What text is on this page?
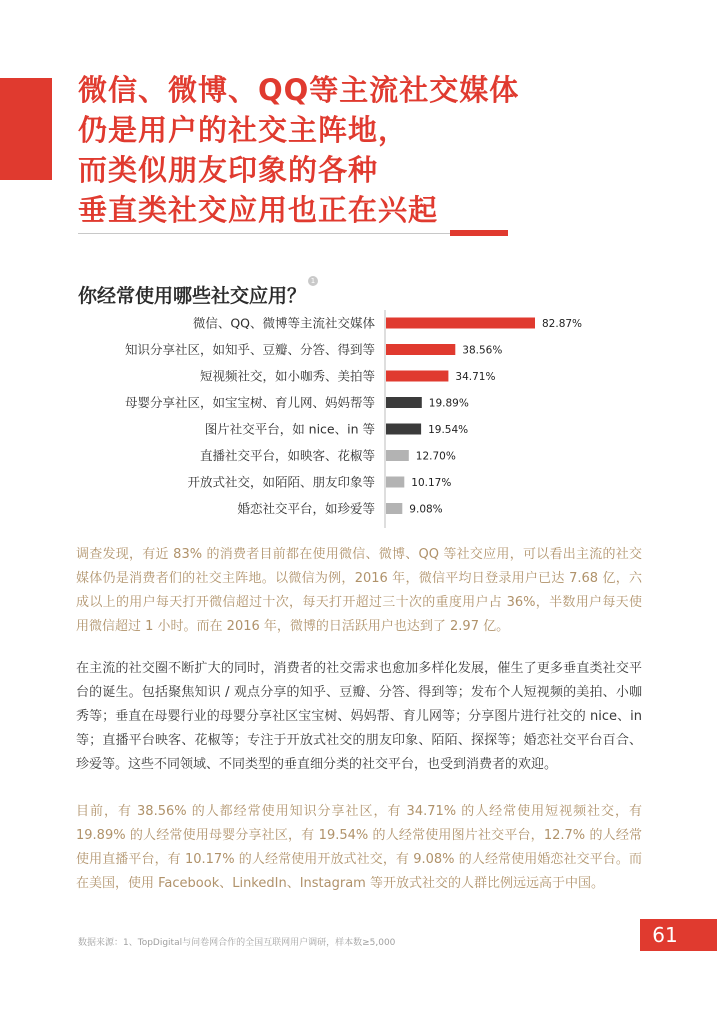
微信、微博、QQ等主流社交媒体
仍是用户的社交主阵地，
而类似朋友印象的各种
垂直类社交应用也正在兴起
你经常使用哪些社交应用？
1
微信、QQ、微博等主流社交媒体	82.87%
知识分享社区，如知乎、豆瓣、分答、得到等	38.56%
短视频社交，如小咖秀、美拍等	34.71%
母婴分享社区，如宝宝树、育儿网、妈妈帮等	19.89%
图片社交平台，如 nice、in 等	19.54%
直播社交平台，如映客、花椒等	12.70%
开放式社交，如陌陌、朋友印象等	10.17%
婚恋社交平台，如珍爱等	9.08%

调查发现，有近 83% 的消费者目前都在使用微信、微博、QQ 等社交应用，可以看出主流的社交媒体仍是消费者们的社交主阵地。以微信为例，2016 年，微信平均日登录用户已达 7.68 亿，六成以上的用户每天打开微信超过十次，每天打开超过三十次的重度用户占 36%，半数用户每天使用微信超过 1 小时。而在 2016 年，微博的日活跃用户也达到了 2.97 亿。

在主流的社交圈不断扩大的同时，消费者的社交需求也愈加多样化发展，催生了更多垂直类社交平台的诞生。包括聚焦知识 / 观点分享的知乎、豆瓣、分答、得到等；发布个人短视频的美拍、小咖秀等；垂直在母婴行业的母婴分享社区宝宝树、妈妈帮、育儿网等；分享图片进行社交的 nice、in 等；直播平台映客、花椒等；专注于开放式社交的朋友印象、陌陌、探探等；婚恋社交平台百合、珍爱等。这些不同领域、不同类型的垂直细分类的社交平台，也受到消费者的欢迎。

目前，有 38.56% 的人都经常使用知识分享社区，有 34.71% 的人经常使用短视频社交，有 19.89% 的人经常使用母婴分享社区，有 19.54% 的人经常使用图片社交平台，12.7% 的人经常使用直播平台，有 10.17% 的人经常使用开放式社交，有 9.08% 的人经常使用婚恋社交平台。而在美国，使用 Facebook、LinkedIn、Instagram 等开放式社交的人群比例远远高于中国。

数据来源：1、TopDigital与问卷网合作的全国互联网用户调研，样本数≥5,000	61
